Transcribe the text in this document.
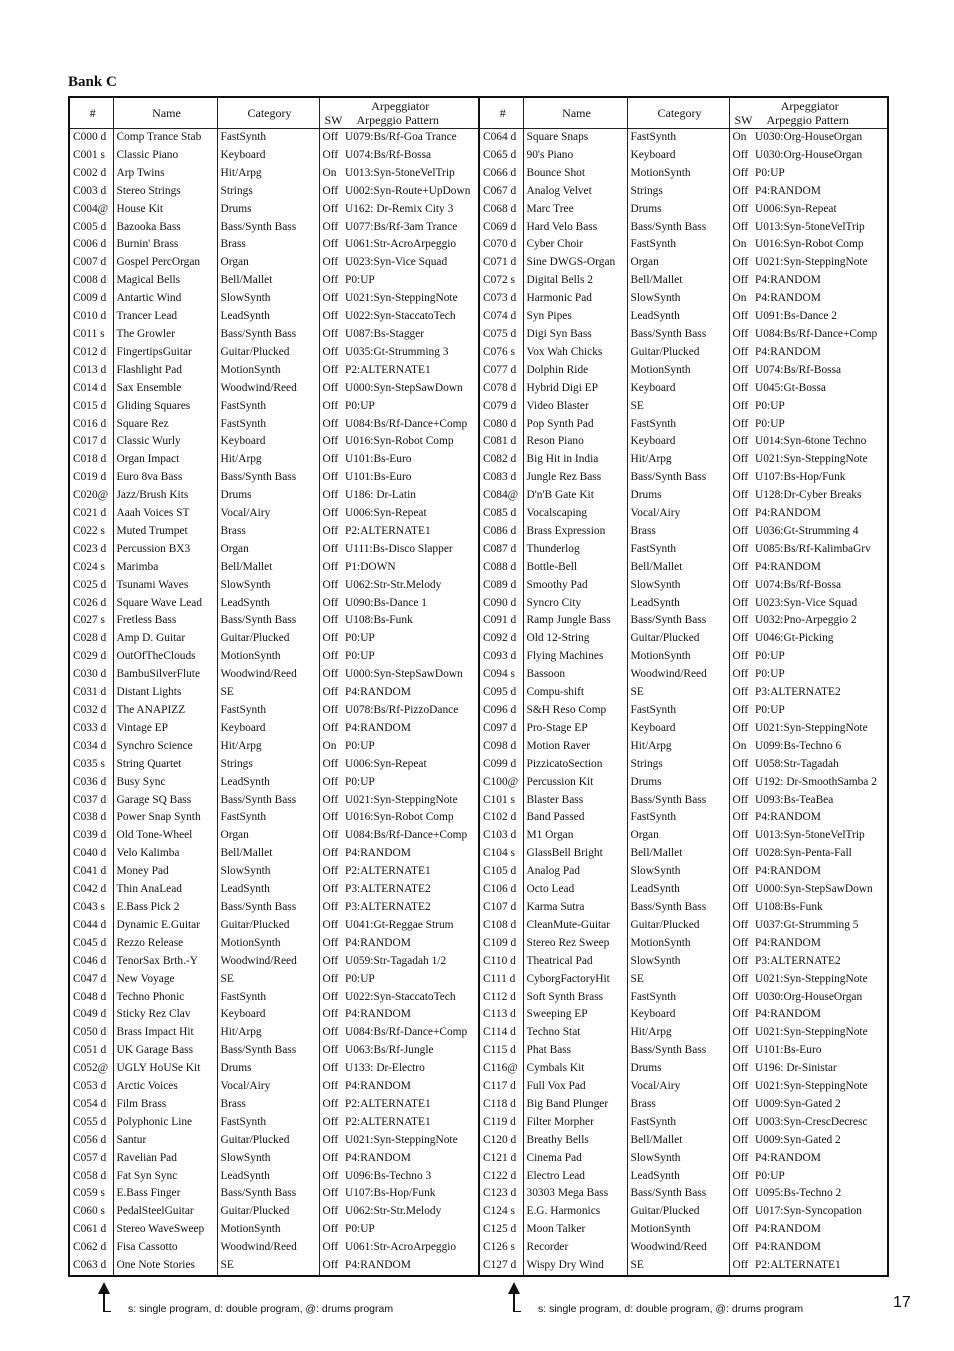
Bank C
#	Name	Category	Arpeggiator
SW Arpeggio Pattern		#	Name	Category	Arpeggiator
SW Arpeggio Pattern	

C000 d	Comp Trance Stab	FastSynth	Off	U079:Bs/Rf-Goa Trance	C064 d	Square Snaps	FastSynth	On	U030:Org-HouseOrgan
C001 s	Classic Piano	Keyboard	Off	U074:Bs/Rf-Bossa	C065 d	90's Piano	Keyboard	Off	U030:Org-HouseOrgan
C002 d	Arp Twins	Hit/Arpg	On	U013:Syn-5toneVelTrip	C066 d	Bounce Shot	MotionSynth	Off	P0:UP
C003 d	Stereo Strings	Strings	Off	U002:Syn-Route+UpDown	C067 d	Analog Velvet	Strings	Off	P4:RANDOM
C004@	House Kit	Drums	Off	U162: Dr-Remix City 3	C068 d	Marc Tree	Drums	Off	U006:Syn-Repeat
C005 d	Bazooka Bass	Bass/Synth Bass	Off	U077:Bs/Rf-3am Trance	C069 d	Hard Velo Bass	Bass/Synth Bass	Off	U013:Syn-5toneVelTrip
C006 d	Burnin' Brass	Brass	Off	U061:Str-AcroArpeggio	C070 d	Cyber Choir	FastSynth	On	U016:Syn-Robot Comp
C007 d	Gospel PercOrgan	Organ	Off	U023:Syn-Vice Squad	C071 d	Sine DWGS-Organ	Organ	Off	U021:Syn-SteppingNote
C008 d	Magical Bells	Bell/Mallet	Off	P0:UP	C072 s	Digital Bells 2	Bell/Mallet	Off	P4:RANDOM
C009 d	Antartic Wind	SlowSynth	Off	U021:Syn-SteppingNote	C073 d	Harmonic Pad	SlowSynth	On	P4:RANDOM
C010 d	Trancer Lead	LeadSynth	Off	U022:Syn-StaccatoTech	C074 d	Syn Pipes	LeadSynth	Off	U091:Bs-Dance 2
C011 s	The Growler	Bass/Synth Bass	Off	U087:Bs-Stagger	C075 d	Digi Syn Bass	Bass/Synth Bass	Off	U084:Bs/Rf-Dance+Comp
C012 d	FingertipsGuitar	Guitar/Plucked	Off	U035:Gt-Strumming 3	C076 s	Vox Wah Chicks	Guitar/Plucked	Off	P4:RANDOM
C013 d	Flashlight Pad	MotionSynth	Off	P2:ALTERNATE1	C077 d	Dolphin Ride	MotionSynth	Off	U074:Bs/Rf-Bossa
C014 d	Sax Ensemble	Woodwind/Reed	Off	U000:Syn-StepSawDown	C078 d	Hybrid Digi EP	Keyboard	Off	U045:Gt-Bossa
C015 d	Gliding Squares	FastSynth	Off	P0:UP	C079 d	Video Blaster	SE	Off	P0:UP
C016 d	Square Rez	FastSynth	Off	U084:Bs/Rf-Dance+Comp	C080 d	Pop Synth Pad	FastSynth	Off	P0:UP
C017 d	Classic Wurly	Keyboard	Off	U016:Syn-Robot Comp	C081 d	Reson Piano	Keyboard	Off	U014:Syn-6tone Techno
C018 d	Organ Impact	Hit/Arpg	Off	U101:Bs-Euro	C082 d	Big Hit in India	Hit/Arpg	Off	U021:Syn-SteppingNote
C019 d	Euro 8va Bass	Bass/Synth Bass	Off	U101:Bs-Euro	C083 d	Jungle Rez Bass	Bass/Synth Bass	Off	U107:Bs-Hop/Funk
C020@	Jazz/Brush Kits	Drums	Off	U186: Dr-Latin	C084@	D'n'B Gate Kit	Drums	Off	U128:Dr-Cyber Breaks
C021 d	Aaah Voices ST	Vocal/Airy	Off	U006:Syn-Repeat	C085 d	Vocalscaping	Vocal/Airy	Off	P4:RANDOM
C022 s	Muted Trumpet	Brass	Off	P2:ALTERNATE1	C086 d	Brass Expression	Brass	Off	U036:Gt-Strumming 4
C023 d	Percussion BX3	Organ	Off	U111:Bs-Disco Slapper	C087 d	Thunderlog	FastSynth	Off	U085:Bs/Rf-KalimbaGrv
C024 s	Marimba	Bell/Mallet	Off	P1:DOWN	C088 d	Bottle-Bell	Bell/Mallet	Off	P4:RANDOM
C025 d	Tsunami Waves	SlowSynth	Off	U062:Str-Str.Melody	C089 d	Smoothy Pad	SlowSynth	Off	U074:Bs/Rf-Bossa
C026 d	Square Wave Lead	LeadSynth	Off	U090:Bs-Dance 1	C090 d	Syncro City	LeadSynth	Off	U023:Syn-Vice Squad
C027 s	Fretless Bass	Bass/Synth Bass	Off	U108:Bs-Funk	C091 d	Ramp Jungle Bass	Bass/Synth Bass	Off	U032:Pno-Arpeggio 2
C028 d	Amp D. Guitar	Guitar/Plucked	Off	P0:UP	C092 d	Old 12-String	Guitar/Plucked	Off	U046:Gt-Picking
C029 d	OutOfTheClouds	MotionSynth	Off	P0:UP	C093 d	Flying Machines	MotionSynth	Off	P0:UP
C030 d	BambuSilverFlute	Woodwind/Reed	Off	U000:Syn-StepSawDown	C094 s	Bassoon	Woodwind/Reed	Off	P0:UP
C031 d	Distant Lights	SE	Off	P4:RANDOM	C095 d	Compu-shift	SE	Off	P3:ALTERNATE2
C032 d	The ANAPIZZ	FastSynth	Off	U078:Bs/Rf-PizzoDance	C096 d	S&H Reso Comp	FastSynth	Off	P0:UP
C033 d	Vintage EP	Keyboard	Off	P4:RANDOM	C097 d	Pro-Stage EP	Keyboard	Off	U021:Syn-SteppingNote
C034 d	Synchro Science	Hit/Arpg	On	P0:UP	C098 d	Motion Raver	Hit/Arpg	On	U099:Bs-Techno 6
C035 s	String Quartet	Strings	Off	U006:Syn-Repeat	C099 d	PizzicatoSection	Strings	Off	U058:Str-Tagadah
C036 d	Busy Sync	LeadSynth	Off	P0:UP	C100@	Percussion Kit	Drums	Off	U192: Dr-SmoothSamba 2
C037 d	Garage SQ Bass	Bass/Synth Bass	Off	U021:Syn-SteppingNote	C101 s	Blaster Bass	Bass/Synth Bass	Off	U093:Bs-TeaBea
C038 d	Power Snap Synth	FastSynth	Off	U016:Syn-Robot Comp	C102 d	Band Passed	FastSynth	Off	P4:RANDOM
C039 d	Old Tone-Wheel	Organ	Off	U084:Bs/Rf-Dance+Comp	C103 d	M1 Organ	Organ	Off	U013:Syn-5toneVelTrip
C040 d	Velo Kalimba	Bell/Mallet	Off	P4:RANDOM	C104 s	GlassBell Bright	Bell/Mallet	Off	U028:Syn-Penta-Fall
C041 d	Money Pad	SlowSynth	Off	P2:ALTERNATE1	C105 d	Analog Pad	SlowSynth	Off	P4:RANDOM
C042 d	Thin AnaLead	LeadSynth	Off	P3:ALTERNATE2	C106 d	Octo Lead	LeadSynth	Off	U000:Syn-StepSawDown
C043 s	E.Bass Pick 2	Bass/Synth Bass	Off	P3:ALTERNATE2	C107 d	Karma Sutra	Bass/Synth Bass	Off	U108:Bs-Funk
C044 d	Dynamic E.Guitar	Guitar/Plucked	Off	U041:Gt-Reggae Strum	C108 d	CleanMute-Guitar	Guitar/Plucked	Off	U037:Gt-Strumming 5
C045 d	Rezzo Release	MotionSynth	Off	P4:RANDOM	C109 d	Stereo Rez Sweep	MotionSynth	Off	P4:RANDOM
C046 d	TenorSax Brth.-Y	Woodwind/Reed	Off	U059:Str-Tagadah 1/2	C110 d	Theatrical Pad	SlowSynth	Off	P3:ALTERNATE2
C047 d	New Voyage	SE	Off	P0:UP	C111 d	CyborgFactoryHit	SE	Off	U021:Syn-SteppingNote
C048 d	Techno Phonic	FastSynth	Off	U022:Syn-StaccatoTech	C112 d	Soft Synth Brass	FastSynth	Off	U030:Org-HouseOrgan
C049 d	Sticky Rez Clav	Keyboard	Off	P4:RANDOM	C113 d	Sweeping EP	Keyboard	Off	P4:RANDOM
C050 d	Brass Impact Hit	Hit/Arpg	Off	U084:Bs/Rf-Dance+Comp	C114 d	Techno Stat	Hit/Arpg	Off	U021:Syn-SteppingNote
C051 d	UK Garage Bass	Bass/Synth Bass	Off	U063:Bs/Rf-Jungle	C115 d	Phat Bass	Bass/Synth Bass	Off	U101:Bs-Euro
C052@	UGLY HoUSe Kit	Drums	Off	U133: Dr-Electro	C116@	Cymbals Kit	Drums	Off	U196: Dr-Sinistar
C053 d	Arctic Voices	Vocal/Airy	Off	P4:RANDOM	C117 d	Full Vox Pad	Vocal/Airy	Off	U021:Syn-SteppingNote
C054 d	Film Brass	Brass	Off	P2:ALTERNATE1	C118 d	Big Band Plunger	Brass	Off	U009:Syn-Gated 2
C055 d	Polyphonic Line	FastSynth	Off	P2:ALTERNATE1	C119 d	Filter Morpher	FastSynth	Off	U003:Syn-CrescDecresc
C056 d	Santur	Guitar/Plucked	Off	U021:Syn-SteppingNote	C120 d	Breathy Bells	Bell/Mallet	Off	U009:Syn-Gated 2
C057 d	Ravelian Pad	SlowSynth	Off	P4:RANDOM	C121 d	Cinema Pad	SlowSynth	Off	P4:RANDOM
C058 d	Fat Syn Sync	LeadSynth	Off	U096:Bs-Techno 3	C122 d	Electro Lead	LeadSynth	Off	P0:UP
C059 s	E.Bass Finger	Bass/Synth Bass	Off	U107:Bs-Hop/Funk	C123 d	30303 Mega Bass	Bass/Synth Bass	Off	U095:Bs-Techno 2
C060 s	PedalSteelGuitar	Guitar/Plucked	Off	U062:Str-Str.Melody	C124 s	E.G. Harmonics	Guitar/Plucked	Off	U017:Syn-Syncopation
C061 d	Stereo WaveSweep	MotionSynth	Off	P0:UP	C125 d	Moon Talker	MotionSynth	Off	P4:RANDOM
C062 d	Fisa Cassotto	Woodwind/Reed	Off	U061:Str-AcroArpeggio	C126 s	Recorder	Woodwind/Reed	Off	P4:RANDOM
C063 d	One Note Stories	SE	Off	P4:RANDOM	C127 d	Wispy Dry Wind	SE	Off	P2:ALTERNATE1
s: single program, d: double program, @: drums program	s: single program, d: double program, @: drums program	17
